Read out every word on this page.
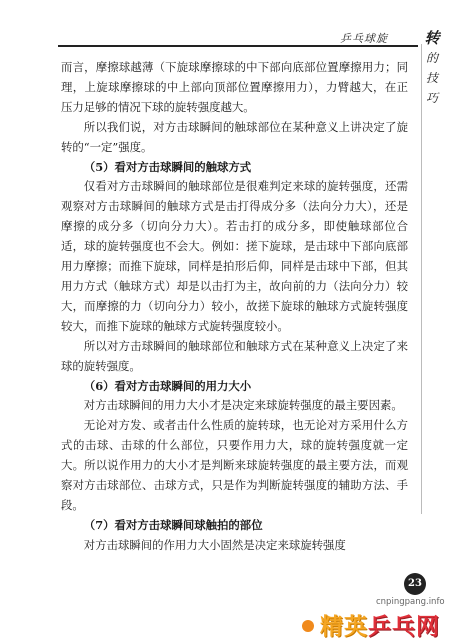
乒乓球旋 转
的
技
巧

而言，摩擦球越薄（下旋球摩擦球的中下部向底部位置摩擦用力；同理，上旋球摩擦球的中上部向顶部位置摩擦用力），力臂越大，在正压力足够的情况下球的旋转强度越大。

所以我们说，对方击球瞬间的触球部位在某种意义上讲决定了旋转的“一定”强度。

（5）看对方击球瞬间的触球方式

仅看对方击球瞬间的触球部位是很难判定来球的旋转强度，还需观察对方击球瞬间的触球方式是击打得成分多（法向分力大），还是摩擦的成分多（切向分力大）。若击打的成分多，即使触球部位合适，球的旋转强度也不会大。例如：搓下旋球，是击球中下部向底部用力摩擦；而推下旋球，同样是拍形后仰，同样是击球中下部，但其用力方式（触球方式）却是以击打为主，故向前的力（法向分力）较大，而摩擦的力（切向分力）较小，故搓下旋球的触球方式旋转强度较大，而推下旋球的触球方式旋转强度较小。

所以对方击球瞬间的触球部位和触球方式在某种意义上决定了来球的旋转强度。

（6）看对方击球瞬间的用力大小

对方击球瞬间的用力大小才是决定来球旋转强度的最主要因素。

无论对方发、或者击什么性质的旋转球，也无论对方采用什么方式的击球、击球的什么部位，只要作用力大，球的旋转强度就一定大。所以说作用力的大小才是判断来球旋转强度的最主要方法，而观察对方击球部位、击球方式，只是作为判断旋转强度的辅助方法、手段。

（7）看对方击球瞬间球触拍的部位

对方击球瞬间的作用力大小固然是决定来球旋转强度

23
cnpingpang.info
精英 乒乓网
